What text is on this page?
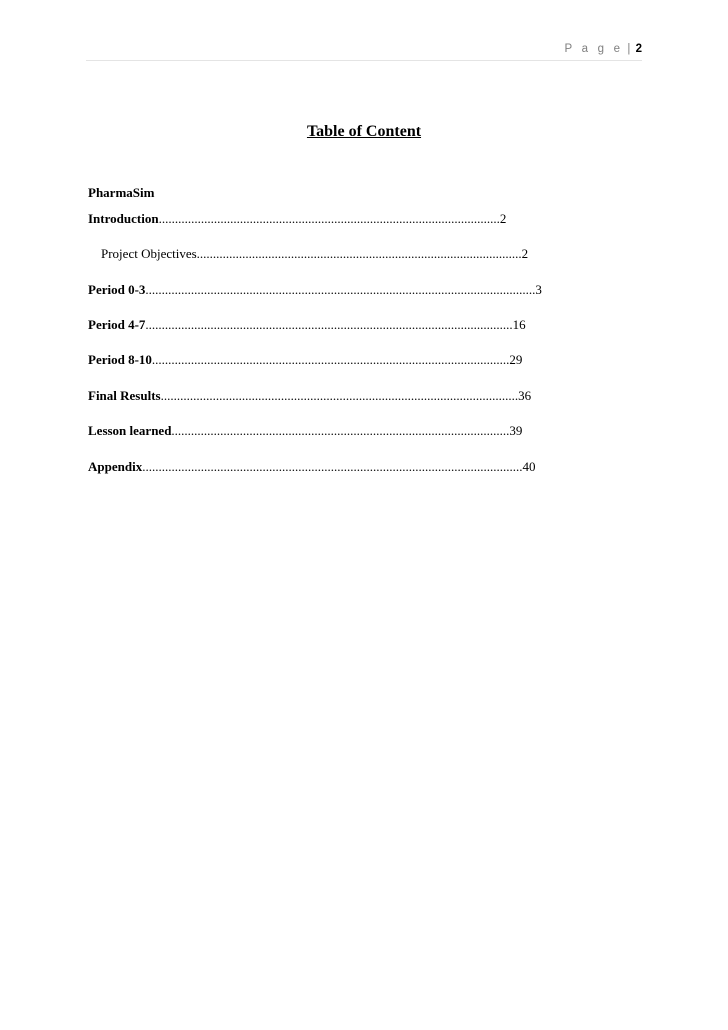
P a g e | 2
Table of Content
PharmaSim
Introduction.........................................................................................................2
Project Objectives....................................................................................................2
Period 0-3........................................................................................................................3
Period 4-7.................................................................................................................16
Period 8-10..............................................................................................................29
Final Results..............................................................................................................36
Lesson learned........................................................................................................39
Appendix.....................................................................................................................40
